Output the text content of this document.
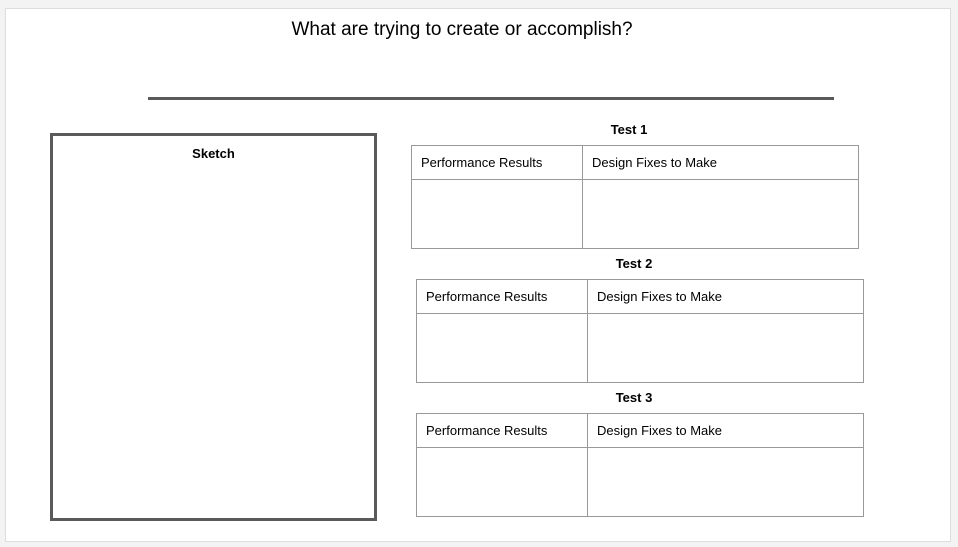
What are trying to create or accomplish?
Sketch
Test 1
Performance Results	Design Fixes to Make

Test 2
Performance Results	Design Fixes to Make

Test 3
Performance Results	Design Fixes to Make
